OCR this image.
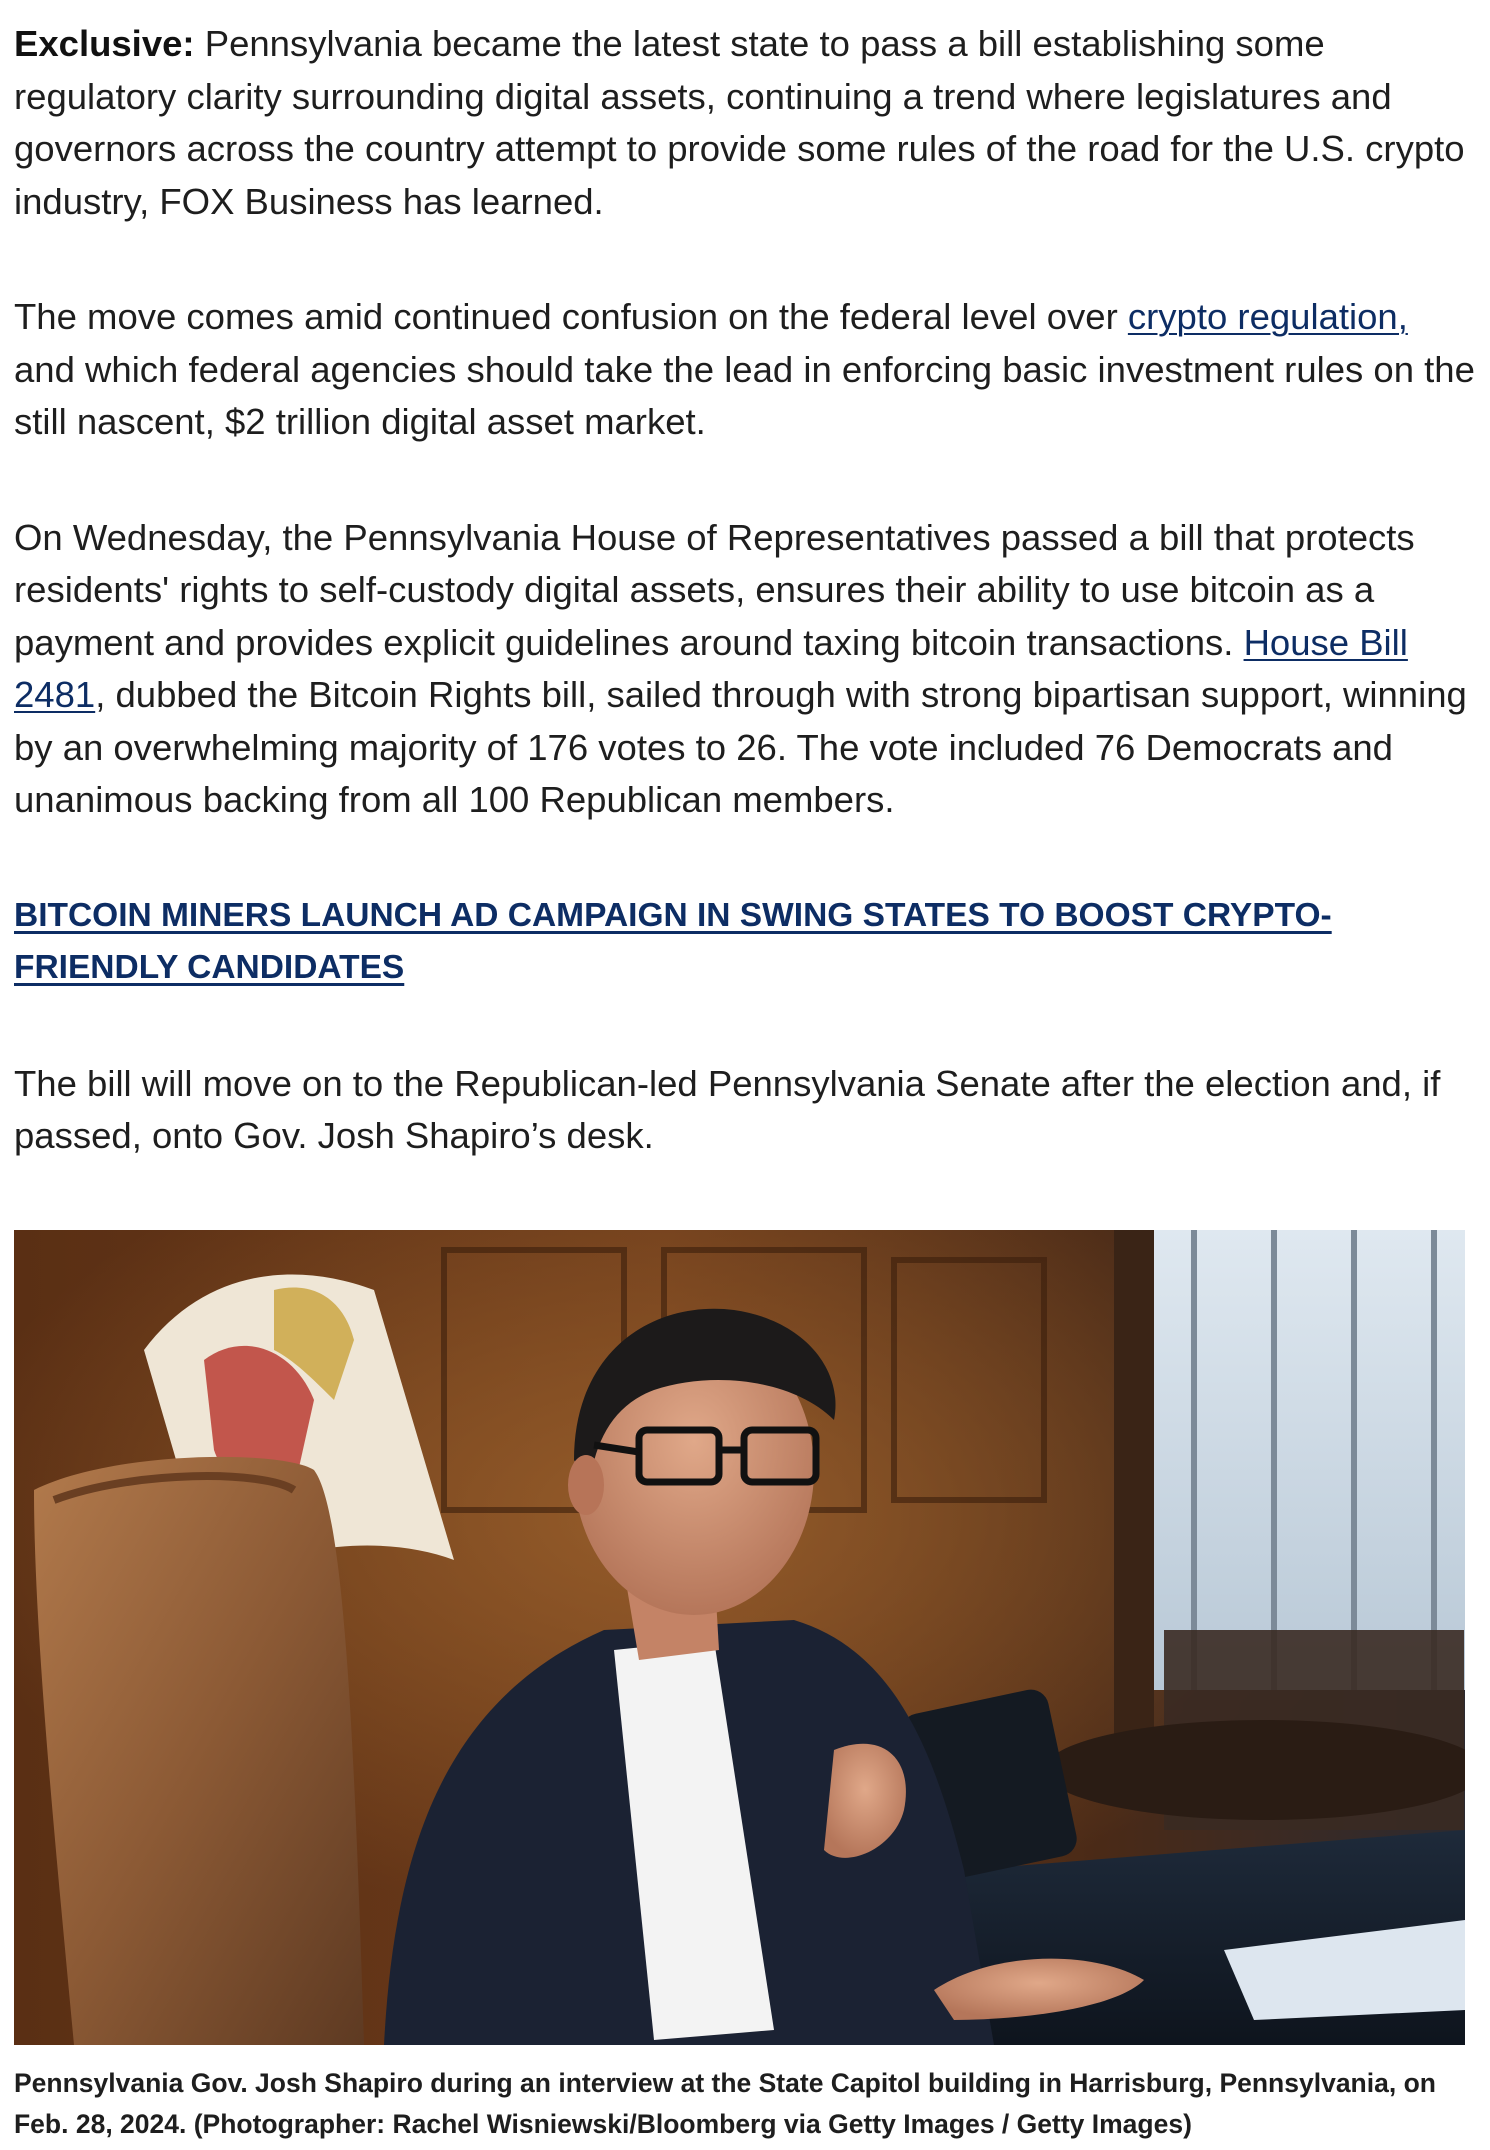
Exclusive: Pennsylvania became the latest state to pass a bill establishing some regulatory clarity surrounding digital assets, continuing a trend where legislatures and governors across the country attempt to provide some rules of the road for the U.S. crypto industry, FOX Business has learned.

The move comes amid continued confusion on the federal level over crypto regulation, and which federal agencies should take the lead in enforcing basic investment rules on the still nascent, $2 trillion digital asset market.

On Wednesday, the Pennsylvania House of Representatives passed a bill that protects residents' rights to self-custody digital assets, ensures their ability to use bitcoin as a payment and provides explicit guidelines around taxing bitcoin transactions. House Bill 2481, dubbed the Bitcoin Rights bill, sailed through with strong bipartisan support, winning by an overwhelming majority of 176 votes to 26. The vote included 76 Democrats and unanimous backing from all 100 Republican members.

BITCOIN MINERS LAUNCH AD CAMPAIGN IN SWING STATES TO BOOST CRYPTO-FRIENDLY CANDIDATES

The bill will move on to the Republican-led Pennsylvania Senate after the election and, if passed, onto Gov. Josh Shapiro’s desk.

Pennsylvania Gov. Josh Shapiro during an interview at the State Capitol building in Harrisburg, Pennsylvania, on Feb. 28, 2024. (Photographer: Rachel Wisniewski/Bloomberg via Getty Images / Getty Images)
